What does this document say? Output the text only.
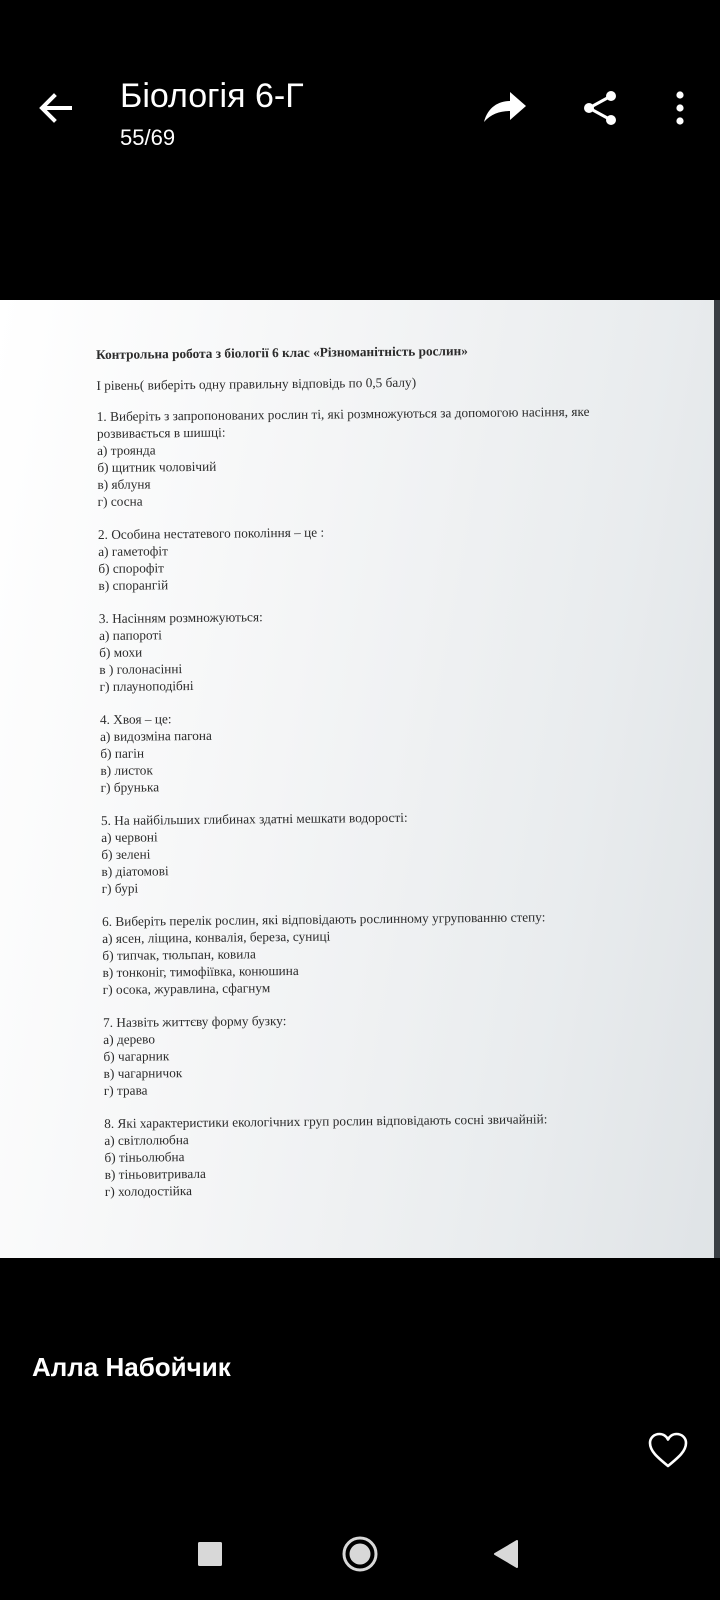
Біологія 6-Г
55/69
Контрольна робота з біології 6 клас «Різноманітність рослин»
І рівень( виберіть одну правильну відповідь по 0,5 балу)
1. Виберіть з запропонованих рослин ті, які розмножуються за допомогою насіння, яке
розвивається в шишці:
а) троянда
б) щитник чоловічий
в) яблуня
г) сосна
2. Особина нестатевого покоління – це :
а) гаметофіт
б) спорофіт
в) спорангій
3. Насінням розмножуються:
а) папороті
б) мохи
в ) голонасінні
г) плауноподібні
4. Хвоя – це:
а) видозміна пагона
б) пагін
в) листок
г) брунька
5. На найбільших глибинах здатні мешкати водорості:
а) червоні
б) зелені
в) діатомові
г) бурі
6. Виберіть перелік рослин, які відповідають рослинному угрупованню степу:
а) ясен, ліщина, конвалія, береза, суниці
б) типчак, тюльпан, ковила
в) тонконіг, тимофіївка, конюшина
г) осока, журавлина, сфагнум
7. Назвіть життєву форму бузку:
а) дерево
б) чагарник
в) чагарничок
г) трава
8. Які характеристики екологічних груп рослин відповідають сосні звичайній:
а) світлолюбна
б) тіньолюбна
в) тіньовитривала
г) холодостійка
Алла Набойчик
